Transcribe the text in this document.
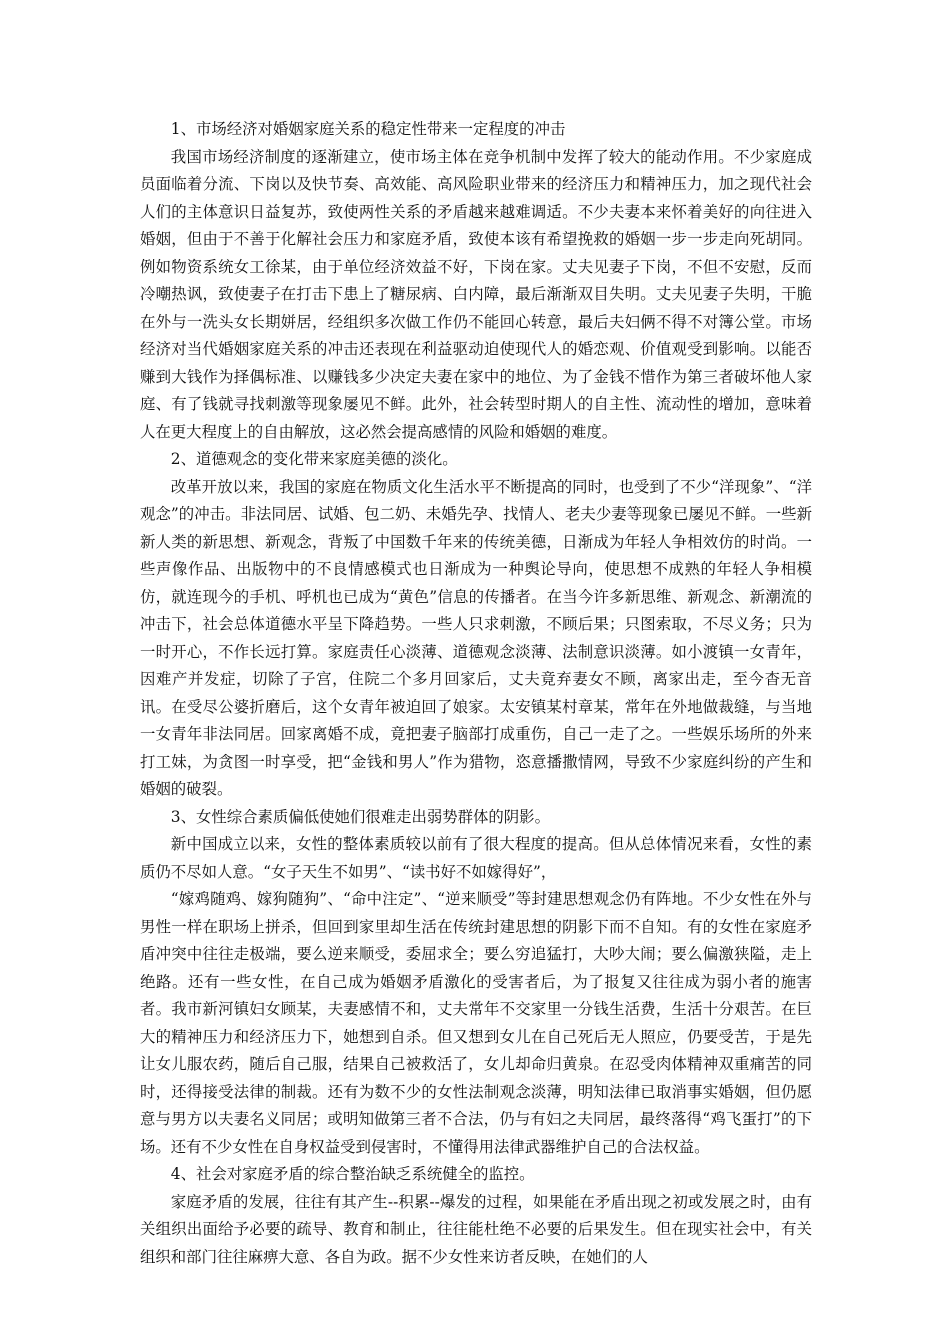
1、市场经济对婚姻家庭关系的稳定性带来一定程度的冲击

我国市场经济制度的逐渐建立，使市场主体在竞争机制中发挥了较大的能动作用。不少家庭成员面临着分流、下岗以及快节奏、高效能、高风险职业带来的经济压力和精神压力，加之现代社会人们的主体意识日益复苏，致使两性关系的矛盾越来越难调适。不少夫妻本来怀着美好的向往进入婚姻，但由于不善于化解社会压力和家庭矛盾，致使本该有希望挽救的婚姻一步一步走向死胡同。例如物资系统女工徐某，由于单位经济效益不好，下岗在家。丈夫见妻子下岗，不但不安慰，反而冷嘲热讽，致使妻子在打击下患上了糖尿病、白内障，最后渐渐双目失明。丈夫见妻子失明，干脆在外与一洗头女长期姘居，经组织多次做工作仍不能回心转意，最后夫妇俩不得不对簿公堂。市场经济对当代婚姻家庭关系的冲击还表现在利益驱动迫使现代人的婚恋观、价值观受到影响。以能否赚到大钱作为择偶标准、以赚钱多少决定夫妻在家中的地位、为了金钱不惜作为第三者破坏他人家庭、有了钱就寻找刺激等现象屡见不鲜。此外，社会转型时期人的自主性、流动性的增加，意味着人在更大程度上的自由解放，这必然会提高感情的风险和婚姻的难度。

2、道德观念的变化带来家庭美德的淡化。

改革开放以来，我国的家庭在物质文化生活水平不断提高的同时，也受到了不少“洋现象”、“洋观念”的冲击。非法同居、试婚、包二奶、未婚先孕、找情人、老夫少妻等现象已屡见不鲜。一些新新人类的新思想、新观念，背叛了中国数千年来的传统美德，日渐成为年轻人争相效仿的时尚。一些声像作品、出版物中的不良情感模式也日渐成为一种舆论导向，使思想不成熟的年轻人争相模仿，就连现今的手机、呼机也已成为“黄色”信息的传播者。在当今许多新思维、新观念、新潮流的冲击下，社会总体道德水平呈下降趋势。一些人只求刺激，不顾后果；只图索取，不尽义务；只为一时开心，不作长远打算。家庭责任心淡薄、道德观念淡薄、法制意识淡薄。如小渡镇一女青年，因难产并发症，切除了子宫，住院二个多月回家后，丈夫竟弃妻女不顾，离家出走，至今杳无音讯。在受尽公婆折磨后，这个女青年被迫回了娘家。太安镇某村章某，常年在外地做裁缝，与当地一女青年非法同居。回家离婚不成，竟把妻子脑部打成重伤，自己一走了之。一些娱乐场所的外来打工妹，为贪图一时享受，把“金钱和男人”作为猎物，恣意播撒情网，导致不少家庭纠纷的产生和婚姻的破裂。

3、女性综合素质偏低使她们很难走出弱势群体的阴影。

新中国成立以来，女性的整体素质较以前有了很大程度的提高。但从总体情况来看，女性的素质仍不尽如人意。“女子天生不如男”、“读书好不如嫁得好”，

“嫁鸡随鸡、嫁狗随狗”、“命中注定”、“逆来顺受”等封建思想观念仍有阵地。不少女性在外与男性一样在职场上拼杀，但回到家里却生活在传统封建思想的阴影下而不自知。有的女性在家庭矛盾冲突中往往走极端，要么逆来顺受，委屈求全；要么穷追猛打，大吵大闹；要么偏激狭隘，走上绝路。还有一些女性，在自己成为婚姻矛盾激化的受害者后，为了报复又往往成为弱小者的施害者。我市新河镇妇女顾某，夫妻感情不和，丈夫常年不交家里一分钱生活费，生活十分艰苦。在巨大的精神压力和经济压力下，她想到自杀。但又想到女儿在自己死后无人照应，仍要受苦，于是先让女儿服农药，随后自己服，结果自己被救活了，女儿却命归黄泉。在忍受肉体精神双重痛苦的同时，还得接受法律的制裁。还有为数不少的女性法制观念淡薄，明知法律已取消事实婚姻，但仍愿意与男方以夫妻名义同居；或明知做第三者不合法，仍与有妇之夫同居，最终落得“鸡飞蛋打”的下场。还有不少女性在自身权益受到侵害时，不懂得用法律武器维护自己的合法权益。

4、社会对家庭矛盾的综合整治缺乏系统健全的监控。

家庭矛盾的发展，往往有其产生--积累--爆发的过程，如果能在矛盾出现之初或发展之时，由有关组织出面给予必要的疏导、教育和制止，往往能杜绝不必要的后果发生。但在现实社会中，有关组织和部门往往麻痹大意、各自为政。据不少女性来访者反映，在她们的人
